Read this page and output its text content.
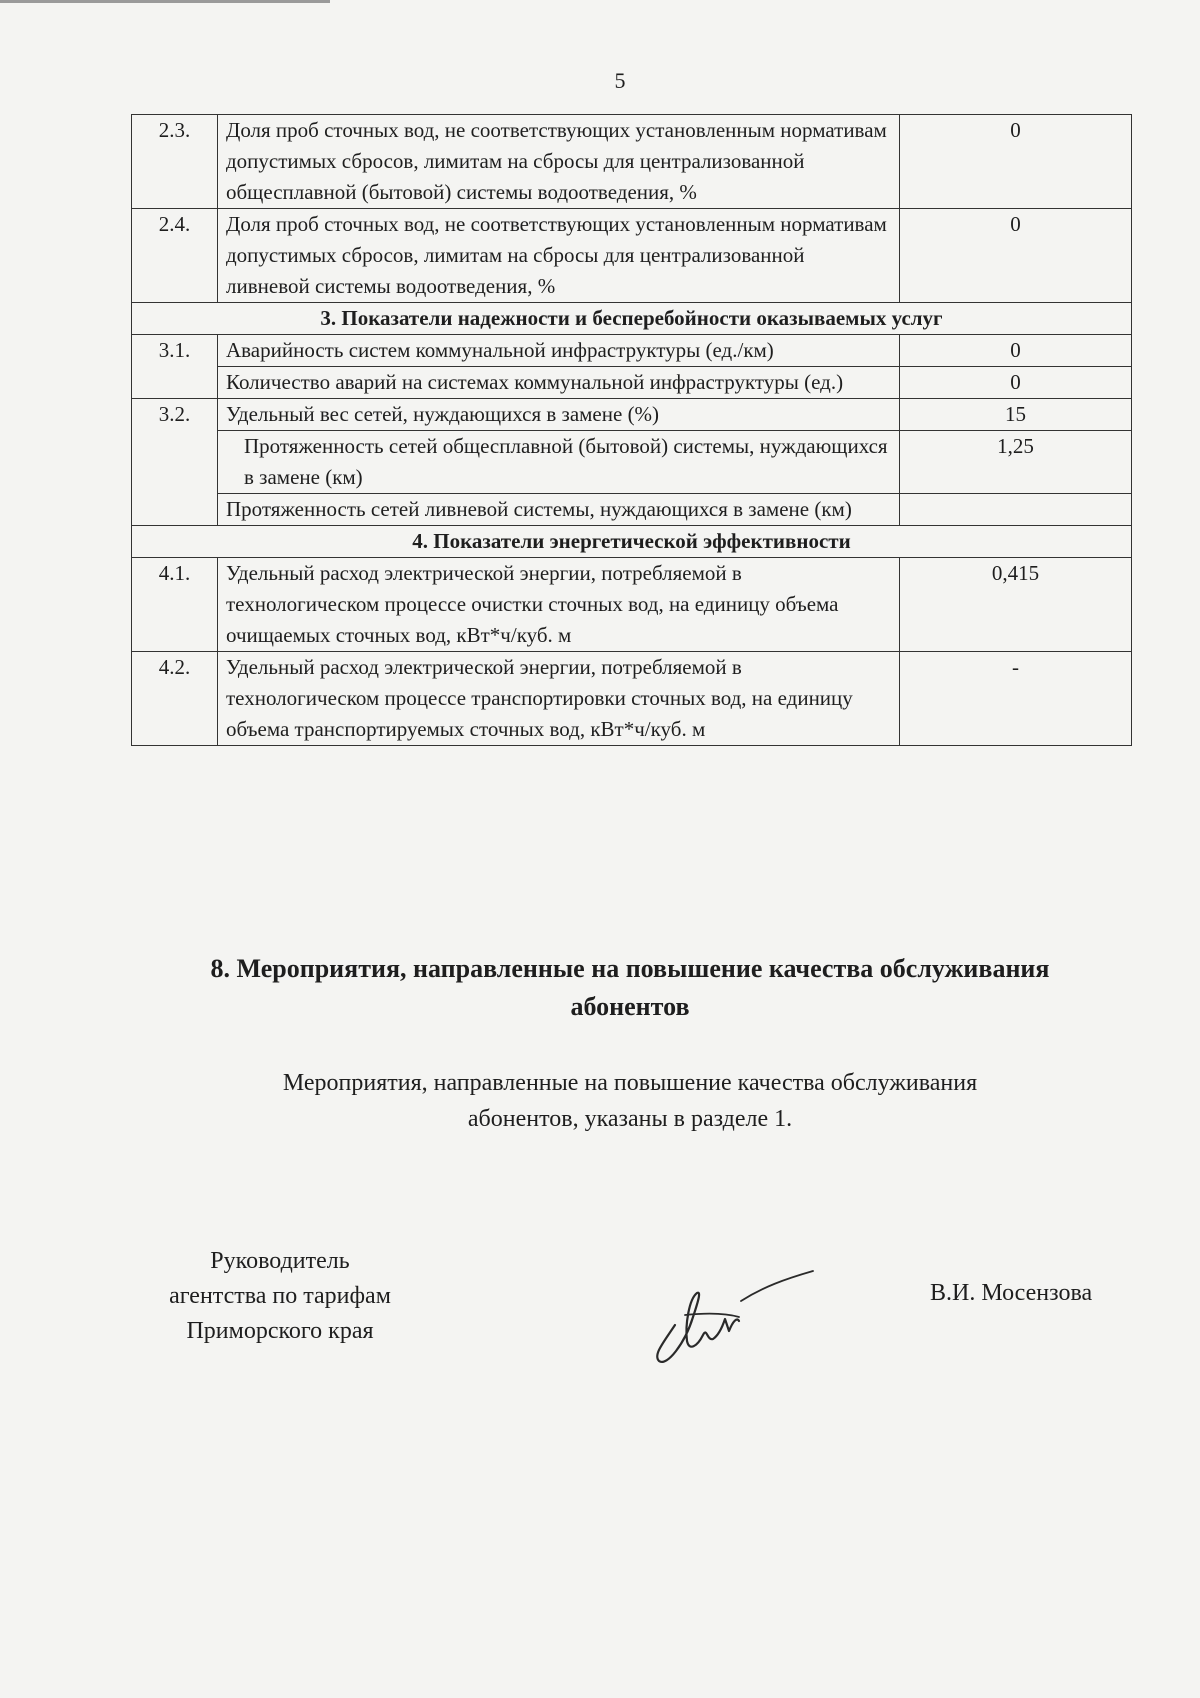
5
2.3.	Доля проб сточных вод, не соответствующих установленным нормативам допустимых сбросов, лимитам на сбросы для централизованной общесплавной (бытовой) системы водоотведения, %	0
2.4.	Доля проб сточных вод, не соответствующих установленным нормативам допустимых сбросов, лимитам на сбросы для централизованной ливневой системы водоотведения, %	0
3. Показатели надежности и бесперебойности оказываемых услуг		
3.1.	Аварийность систем коммунальной инфраструктуры (ед./км)	0
	Количество аварий на системах коммунальной инфраструктуры (ед.)	0
3.2.	Удельный вес сетей, нуждающихся в замене (%)	15
	Протяженность сетей общесплавной (бытовой) системы, нуждающихся в замене (км)	1,25
	Протяженность сетей ливневой системы, нуждающихся в замене (км)	
4. Показатели энергетической эффективности		
4.1.	Удельный расход электрической энергии, потребляемой в технологическом процессе очистки сточных вод, на единицу объема очищаемых сточных вод, кВт*ч/куб. м	0,415
4.2.	Удельный расход электрической энергии, потребляемой в технологическом процессе транспортировки сточных вод, на единицу объема транспортируемых сточных вод, кВт*ч/куб. м	-
8. Мероприятия, направленные на повышение качества обслуживания
абонентов
Мероприятия, направленные на повышение качества обслуживания
абонентов, указаны в разделе 1.
Руководитель
агентства по тарифам
Приморского края
В.И. Мосензова
